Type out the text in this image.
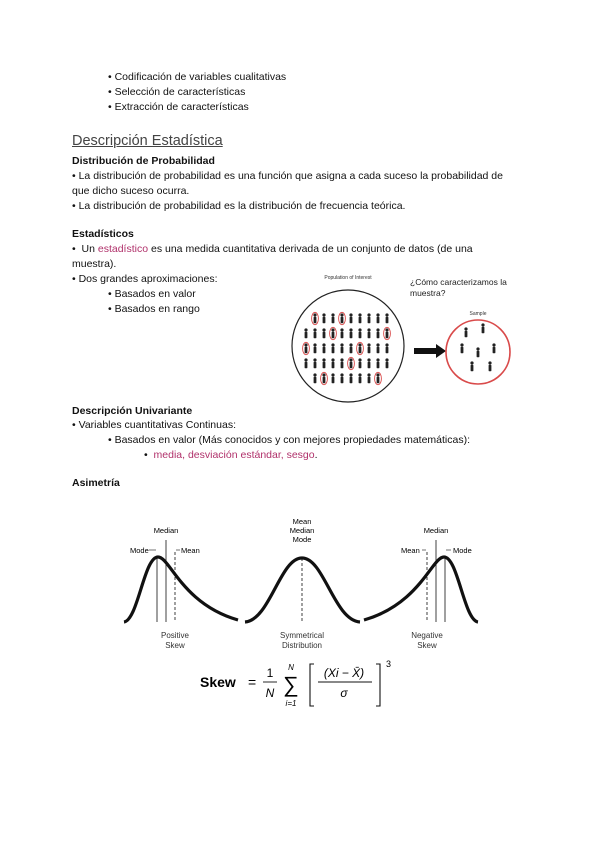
• Codificación de variables cualitativas
• Selección de características
• Extracción de características
Descripción Estadística
Distribución de Probabilidad
• La distribución de probabilidad es una función que asigna a cada suceso la probabilidad de
que dicho suceso ocurra.
• La distribución de probabilidad es la distribución de frecuencia teórica.
Estadísticos
• Un estadístico es una medida cuantitativa derivada de un conjunto de datos (de una
muestra).
• Dos grandes aproximaciones:
• Basados en valor
• Basados en rango
Population of Interest
Sample
¿Cómo caracterizamos la
muestra?
Descripción Univariante
• Variables cuantitativas Continuas:
• Basados en valor (Más conocidos y con mejores propiedades matemáticas):
• media, desviación estándar, sesgo.
Asimetría
Median
Mode	Mean
Positive
Skew
Mean
Median
Mode
Symmetrical
Distribution
Median
Mean	Mode
Negative
Skew
Skew =
1
N
N
∑
i=1
(Xi − X̄)
σ
3
